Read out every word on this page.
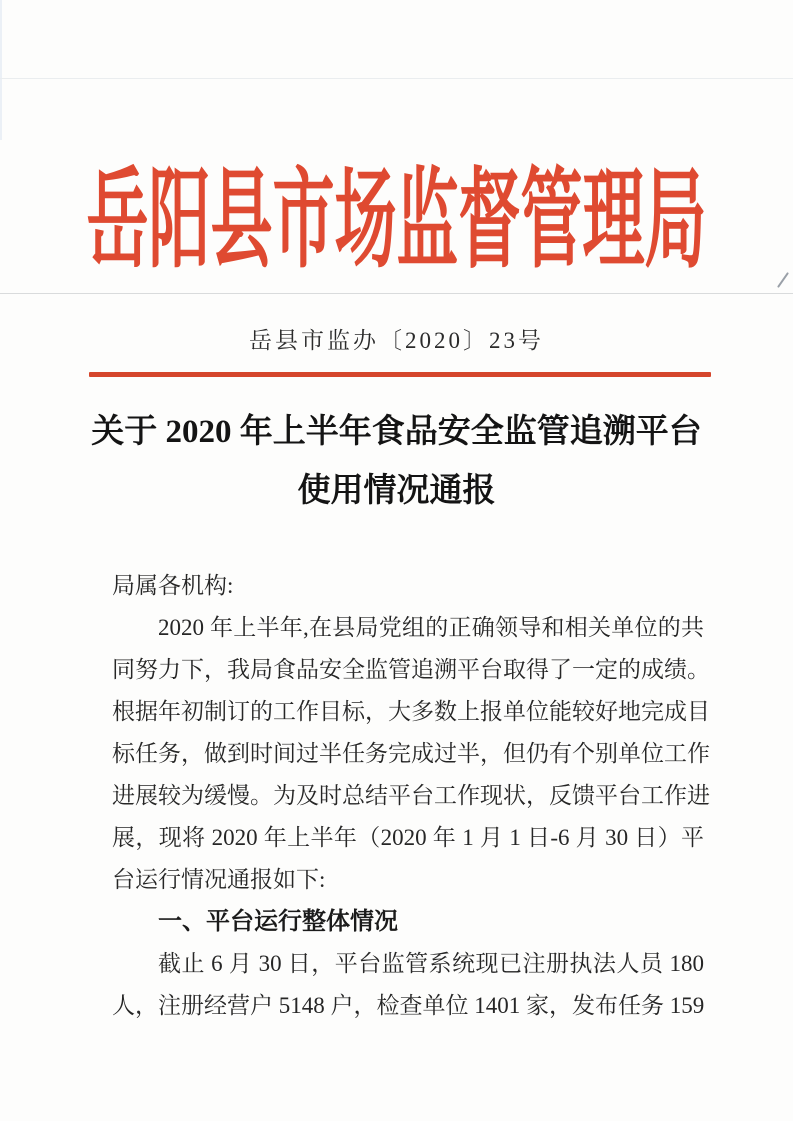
岳阳县市场监督管理局
岳县市监办〔2020〕23号
关于 2020 年上半年食品安全监管追溯平台
使用情况通报

局属各机构:

2020 年上半年,在县局党组的正确领导和相关单位的共

同努力下，我局食品安全监管追溯平台取得了一定的成绩。

根据年初制订的工作目标，大多数上报单位能较好地完成目

标任务，做到时间过半任务完成过半，但仍有个别单位工作

进展较为缓慢。为及时总结平台工作现状，反馈平台工作进

展，现将 2020 年上半年（2020 年 1 月 1 日-6 月 30 日）平

台运行情况通报如下:

一、平台运行整体情况

截止 6 月 30 日，平台监管系统现已注册执法人员 180

人，注册经营户 5148 户，检查单位 1401 家，发布任务 159
